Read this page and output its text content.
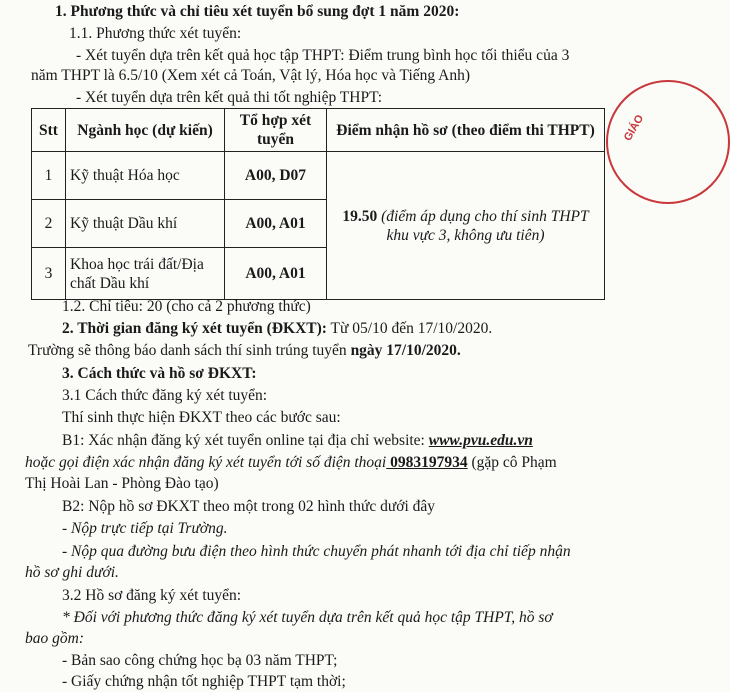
1. Phương thức và chỉ tiêu xét tuyển bổ sung đợt 1 năm 2020:
1.1. Phương thức xét tuyển:
- Xét tuyển dựa trên kết quả học tập THPT: Điểm trung bình học tối thiểu của 3
năm THPT là 6.5/10 (Xem xét cả Toán, Vật lý, Hóa học và Tiếng Anh)
- Xét tuyển dựa trên kết quả thi tốt nghiệp THPT:
Stt	Ngành học (dự kiến)	Tổ hợp xét tuyển	Điểm nhận hồ sơ (theo điểm thi THPT)
1	Kỹ thuật Hóa học	A00, D07	19.50 (điểm áp dụng cho thí sinh THPT khu vực 3, không ưu tiên)
2	Kỹ thuật Dầu khí	A00, A01	
3	Khoa học trái đất/Địa chất Dầu khí	A00, A01	
1.2. Chỉ tiêu: 20 (cho cả 2 phương thức)
2. Thời gian đăng ký xét tuyển (ĐKXT): Từ 05/10 đến 17/10/2020.
Trường sẽ thông báo danh sách thí sinh trúng tuyển ngày 17/10/2020.
3. Cách thức và hồ sơ ĐKXT:
3.1 Cách thức đăng ký xét tuyển:
Thí sinh thực hiện ĐKXT theo các bước sau:
B1: Xác nhận đăng ký xét tuyển online tại địa chỉ website: www.pvu.edu.vn
hoặc gọi điện xác nhận đăng ký xét tuyển tới số điện thoại 0983197934 (gặp cô Phạm
Thị Hoài Lan - Phòng Đào tạo)
B2: Nộp hồ sơ ĐKXT theo một trong 02 hình thức dưới đây
- Nộp trực tiếp tại Trường.
- Nộp qua đường bưu điện theo hình thức chuyển phát nhanh tới địa chỉ tiếp nhận
hồ sơ ghi dưới.
3.2 Hồ sơ đăng ký xét tuyển:
* Đối với phương thức đăng ký xét tuyển dựa trên kết quả học tập THPT, hồ sơ
bao gồm:
- Bản sao công chứng học bạ 03 năm THPT;
- Giấy chứng nhận tốt nghiệp THPT tạm thời;
GIÁO
